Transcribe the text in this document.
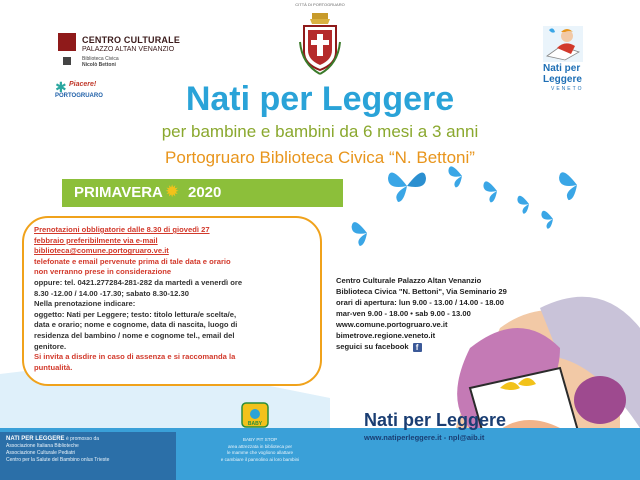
CITTÀ DI PORTOGRUARO
CENTRO CULTURALE
PALAZZO ALTAN VENANZIO
Biblioteca Civica
Nicolò Bettoni
✱ Piacere!
PORTOGRUARO
Nati per
Leggere
VENETO
Nati per Leggere
per bambine e bambini da 6 mesi a 3 anni
Portogruaro Biblioteca Civica “N. Bettoni”
PRIMAVERA ✹ 2020
Prenotazioni obbligatorie dalle 8.30 di giovedì 27
febbraio preferibilmente via e-mail
biblioteca@comune.portogruaro.ve.it
telefonate e email pervenute prima di tale data e orario
non verranno prese in considerazione
oppure: tel. 0421.277284-281-282 da martedì a venerdì ore
8.30 -12.00 / 14.00 -17.30; sabato 8.30-12.30
Nella prenotazione indicare:
oggetto: Nati per Leggere; testo: titolo lettura/e scelta/e,
data e orario; nome e cognome, data di nascita, luogo di
residenza del bambino / nome e cognome tel., email del
genitore.
Si invita a disdire in caso di assenza e si raccomanda la
puntualità.
Centro Culturale Palazzo Altan Venanzio
Biblioteca Civica "N. Bettoni", Via Seminario 29
orari di apertura: lun 9.00 - 13.00 / 14.00 - 18.00
mar-ven 9.00 - 18.00 • sab 9.00 - 13.00
www.comune.portogruaro.ve.it
bimetrove.regione.veneto.it
seguici su facebook f
NATI PER LEGGERE è promosso da
Associazione Italiana Biblioteche
Associazione Culturale Pediatri
Centro per la Salute del Bambino onlus Trieste
BABY
BABY PIT STOP
area attrezzata in biblioteca per
le mamme che vogliono allattare
e cambiare il pannolino ai loro bambini
Nati per Leggere
www.natiperleggere.it - npl@aib.it
